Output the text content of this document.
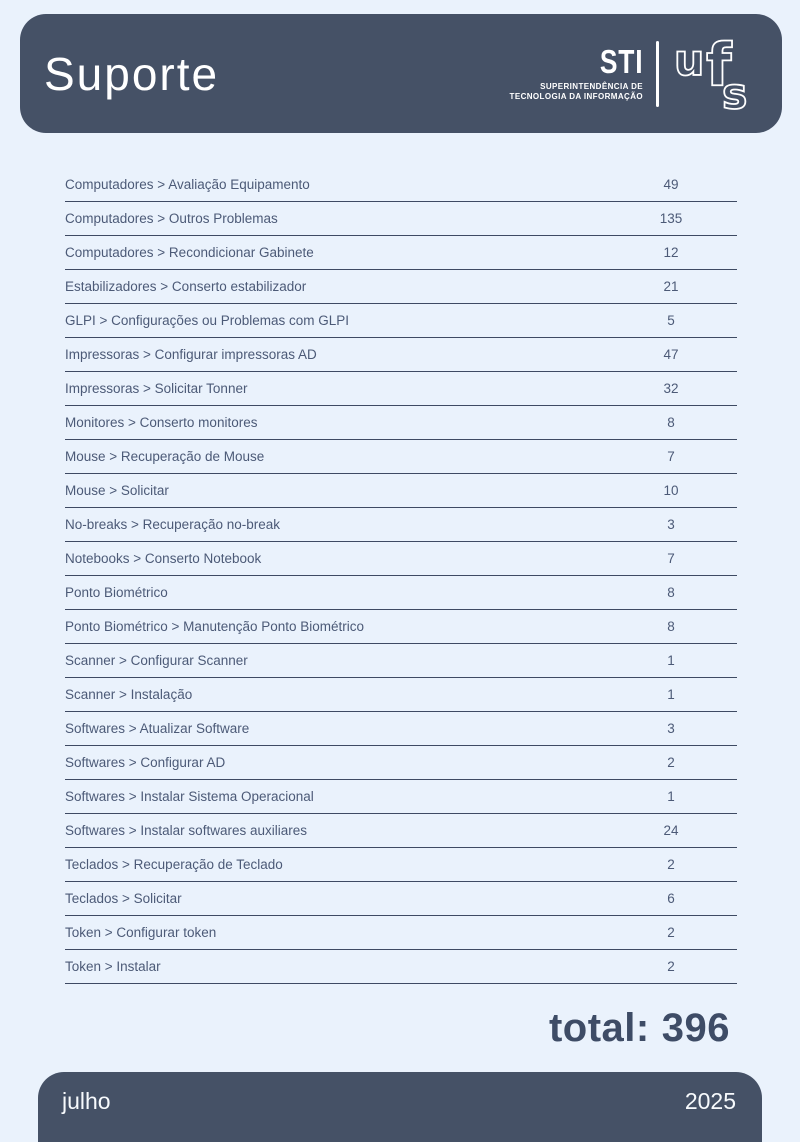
Suporte	STI
SUPERINTENDÊNCIA DE
TECNOLOGIA DA INFORMAÇÃO
u f
s
Computadores > Avaliação Equipamento	49
Computadores > Outros Problemas	135
Computadores > Recondicionar Gabinete	12
Estabilizadores > Conserto estabilizador	21
GLPI > Configurações ou Problemas com GLPI	5
Impressoras > Configurar impressoras AD	47
Impressoras > Solicitar Tonner	32
Monitores > Conserto monitores	8
Mouse > Recuperação de Mouse	7
Mouse > Solicitar	10
No-breaks > Recuperação no-break	3
Notebooks > Conserto Notebook	7
Ponto Biométrico	8
Ponto Biométrico > Manutenção Ponto Biométrico	8
Scanner > Configurar Scanner	1
Scanner > Instalação	1
Softwares > Atualizar Software	3
Softwares > Configurar AD	2
Softwares > Instalar Sistema Operacional	1
Softwares > Instalar softwares auxiliares	24
Teclados > Recuperação de Teclado	2
Teclados > Solicitar	6
Token > Configurar token	2
Token > Instalar	2
total: 396
julho	2025
